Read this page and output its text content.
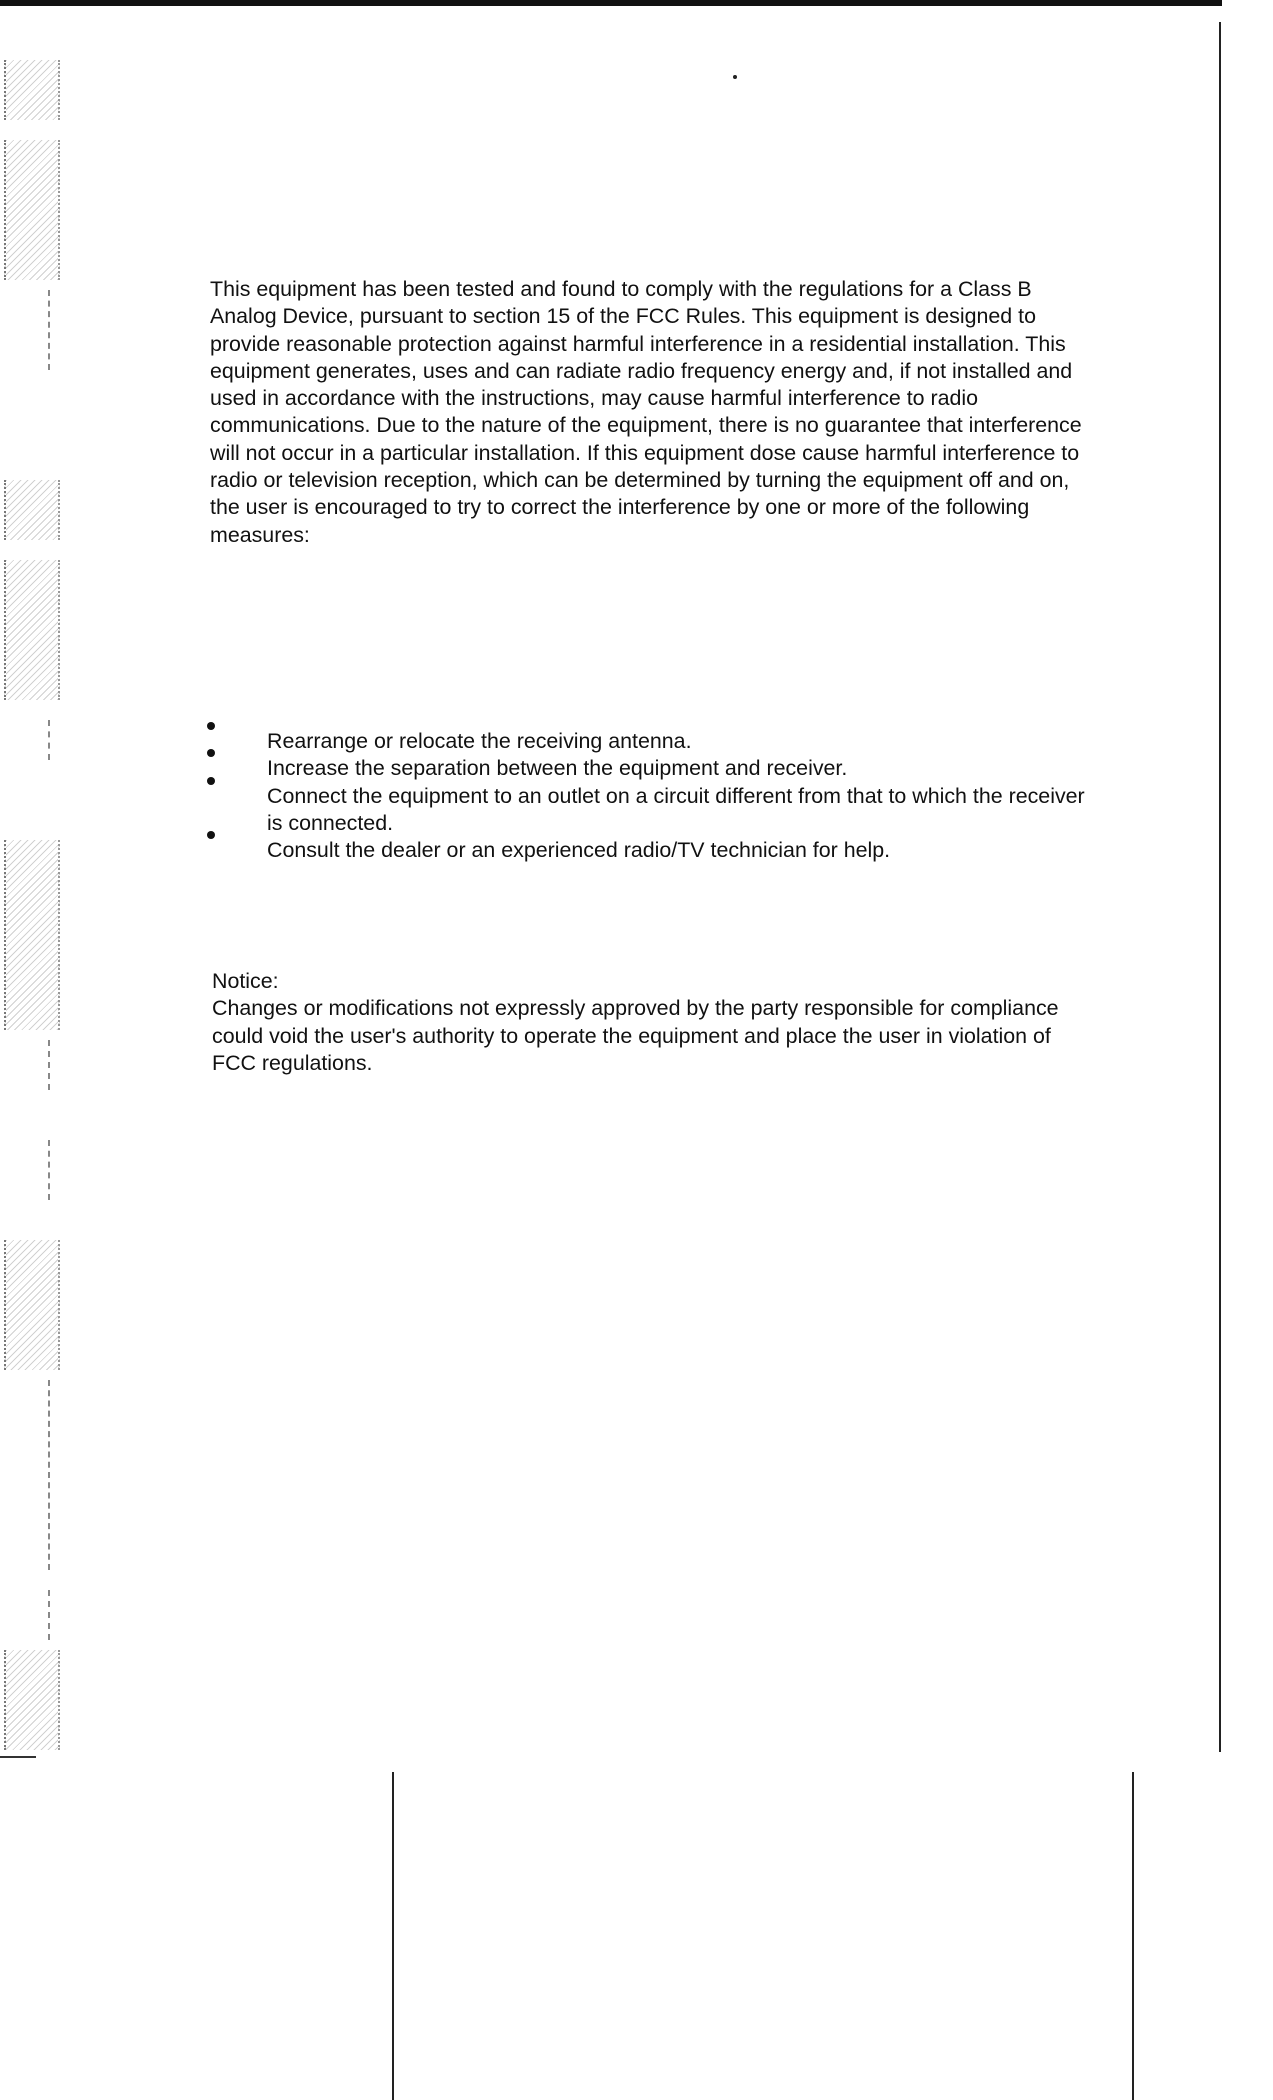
This equipment has been tested and found to comply with the regulations for a Class B Analog Device, pursuant to section 15 of the FCC Rules. This equipment is designed to provide reasonable protection against harmful interference in a residential installation. This equipment generates, uses and can radiate radio frequency energy and, if not installed and used in accordance with the instructions, may cause harmful interference to radio communications. Due to the nature of the equipment, there is no guarantee that interference will not occur in a particular installation. If this equipment dose cause harmful interference to radio or television reception, which can be determined by turning the equipment off and on, the user is encouraged to try to correct the interference by one or more of the following measures:

Rearrange or relocate the receiving antenna.
Increase the separation between the equipment and receiver.
Connect the equipment to an outlet on a circuit different from that to which the receiver is connected.
Consult the dealer or an experienced radio/TV technician for help.

Notice:

Changes or modifications not expressly approved by the party responsible for compliance could void the user's authority to operate the equipment and place the user in violation of FCC regulations.
